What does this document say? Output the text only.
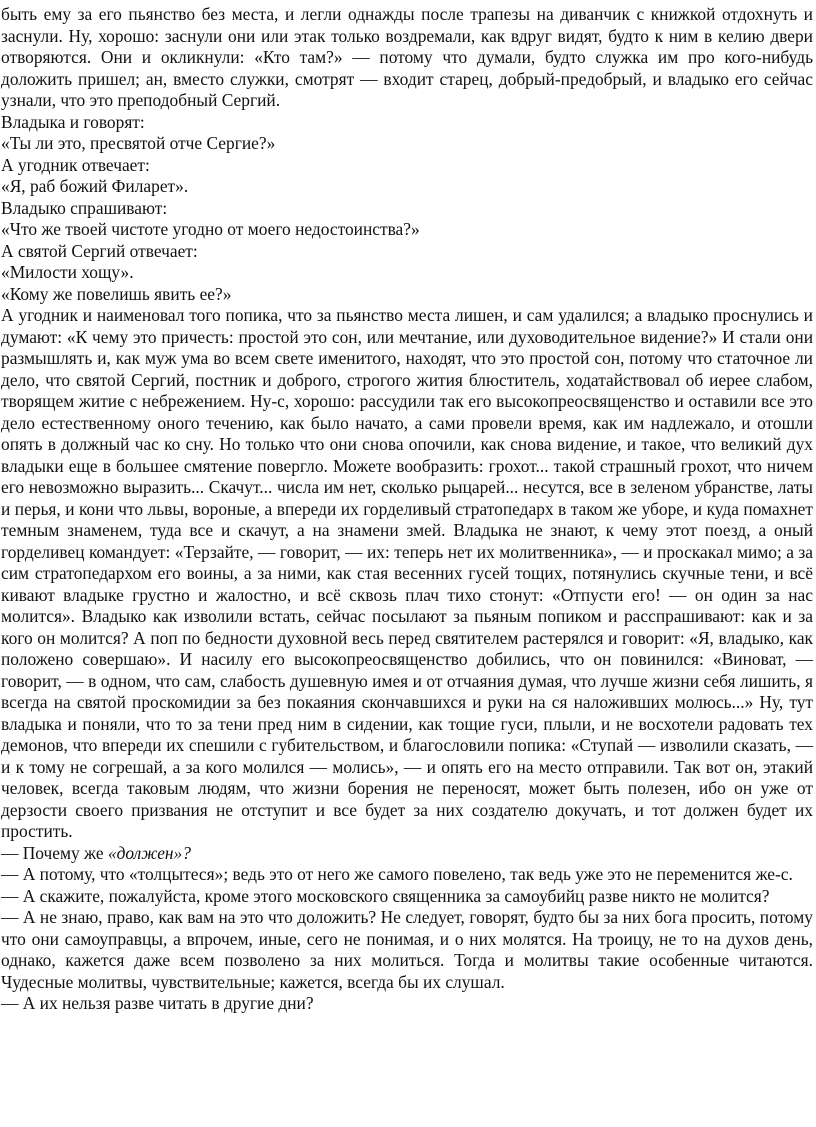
быть ему за его пьянство без места, и легли однажды после трапезы на диванчик с книжкой отдохнуть и заснули. Ну, хорошо: заснули они или этак только воздремали, как вдруг видят, будто к ним в келию двери отворяются. Они и окликнули: «Кто там?» — потому что думали, будто служка им про кого-нибудь доложить пришел; ан, вместо служки, смотрят — входит старец, добрый-предобрый, и владыко его сейчас узнали, что это преподобный Сергий.

Владыка и говорят:

«Ты ли это, пресвятой отче Сергие?»

А угодник отвечает:

«Я, раб божий Филарет».

Владыко спрашивают:

«Что же твоей чистоте угодно от моего недостоинства?»

А святой Сергий отвечает:

«Милости хощу».

«Кому же повелишь явить ее?»

А угодник и наименовал того попика, что за пьянство места лишен, и сам удалился; а владыко проснулись и думают: «К чему это причесть: простой это сон, или мечтание, или духоводительное видение?» И стали они размышлять и, как муж ума во всем свете именитого, находят, что это простой сон, потому что статочное ли дело, что святой Сергий, постник и доброго, строгого жития блюститель, ходатайствовал об иерее слабом, творящем житие с небрежением. Ну-с, хорошо: рассудили так его высокопреосвященство и оставили все это дело естественному оного течению, как было начато, а сами провели время, как им надлежало, и отошли опять в должный час ко сну. Но только что они снова опочили, как снова видение, и такое, что великий дух владыки еще в большее смятение повергло. Можете вообразить: грохот... такой страшный грохот, что ничем его невозможно выразить... Скачут... числа им нет, сколько рыцарей... несутся, все в зеленом убранстве, латы и перья, и кони что львы, вороные, а впереди их горделивый стратопедарх в таком же уборе, и куда помахнет темным знаменем, туда все и скачут, а на знамени змей. Владыка не знают, к чему этот поезд, а оный горделивец командует: «Терзайте, — говорит, — их: теперь нет их молитвенника», — и проскакал мимо; а за сим стратопедархом его воины, а за ними, как стая весенних гусей тощих, потянулись скучные тени, и всё кивают владыке грустно и жалостно, и всё сквозь плач тихо стонут: «Отпусти его! — он один за нас молится». Владыко как изволили встать, сейчас посылают за пьяным попиком и расспрашивают: как и за кого он молится? А поп по бедности духовной весь перед святителем растерялся и говорит: «Я, владыко, как положено совершаю». И насилу его высокопреосвященство добились, что он повинился: «Виноват, — говорит, — в одном, что сам, слабость душевную имея и от отчаяния думая, что лучше жизни себя лишить, я всегда на святой проскомидии за без покаяния скончавшихся и руки на ся наложивших молюсь...» Ну, тут владыка и поняли, что то за тени пред ним в сидении, как тощие гуси, плыли, и не восхотели радовать тех демонов, что впереди их спешили с губительством, и благословили попика: «Ступай — изволили сказать, — и к тому не согрешай, а за кого молился — молись», — и опять его на место отправили. Так вот он, этакий человек, всегда таковым людям, что жизни борения не переносят, может быть полезен, ибо он уже от дерзости своего призвания не отступит и все будет за них создателю докучать, и тот должен будет их простить.

— Почему же «должен»?

— А потому, что «толцытеся»; ведь это от него же самого повелено, так ведь уже это не переменится же-с.

— А скажите, пожалуйста, кроме этого московского священника за самоубийц разве никто не молится?

— А не знаю, право, как вам на это что доложить? Не следует, говорят, будто бы за них бога просить, потому что они самоуправцы, а впрочем, иные, сего не понимая, и о них молятся. На троицу, не то на духов день, однако, кажется даже всем позволено за них молиться. Тогда и молитвы такие особенные читаются. Чудесные молитвы, чувствительные; кажется, всегда бы их слушал.

— А их нельзя разве читать в другие дни?
